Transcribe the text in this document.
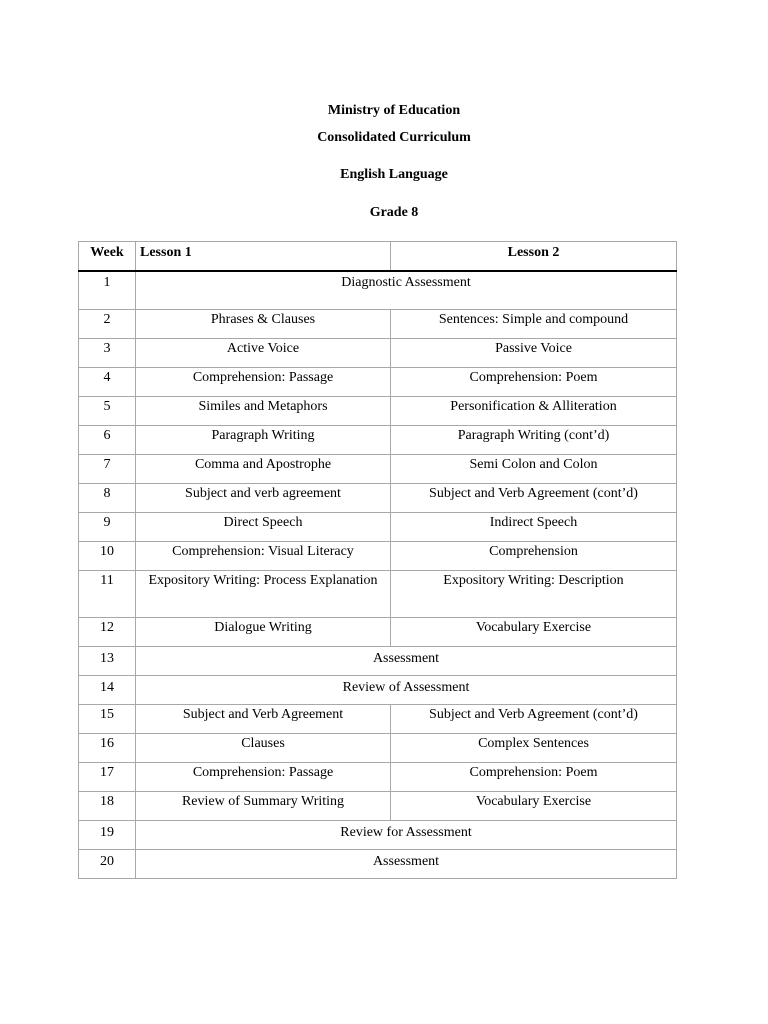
Ministry of Education
Consolidated Curriculum
English Language
Grade 8
Week	Lesson 1	Lesson 2
1	Diagnostic Assessment	
2	Phrases & Clauses	Sentences: Simple and compound
3	Active Voice	Passive Voice
4	Comprehension: Passage	Comprehension: Poem
5	Similes and Metaphors	Personification & Alliteration
6	Paragraph Writing	Paragraph Writing (cont’d)
7	Comma and Apostrophe	Semi Colon and Colon
8	Subject and verb agreement	Subject and Verb Agreement (cont’d)
9	Direct Speech	Indirect Speech
10	Comprehension: Visual Literacy	Comprehension
11	Expository Writing: Process Explanation	Expository Writing: Description
12	Dialogue Writing	Vocabulary Exercise
13	Assessment	
14	Review of Assessment	
15	Subject and Verb Agreement	Subject and Verb Agreement (cont’d)
16	Clauses	Complex Sentences
17	Comprehension: Passage	Comprehension: Poem
18	Review of Summary Writing	Vocabulary Exercise
19	Review for Assessment	
20	Assessment	
